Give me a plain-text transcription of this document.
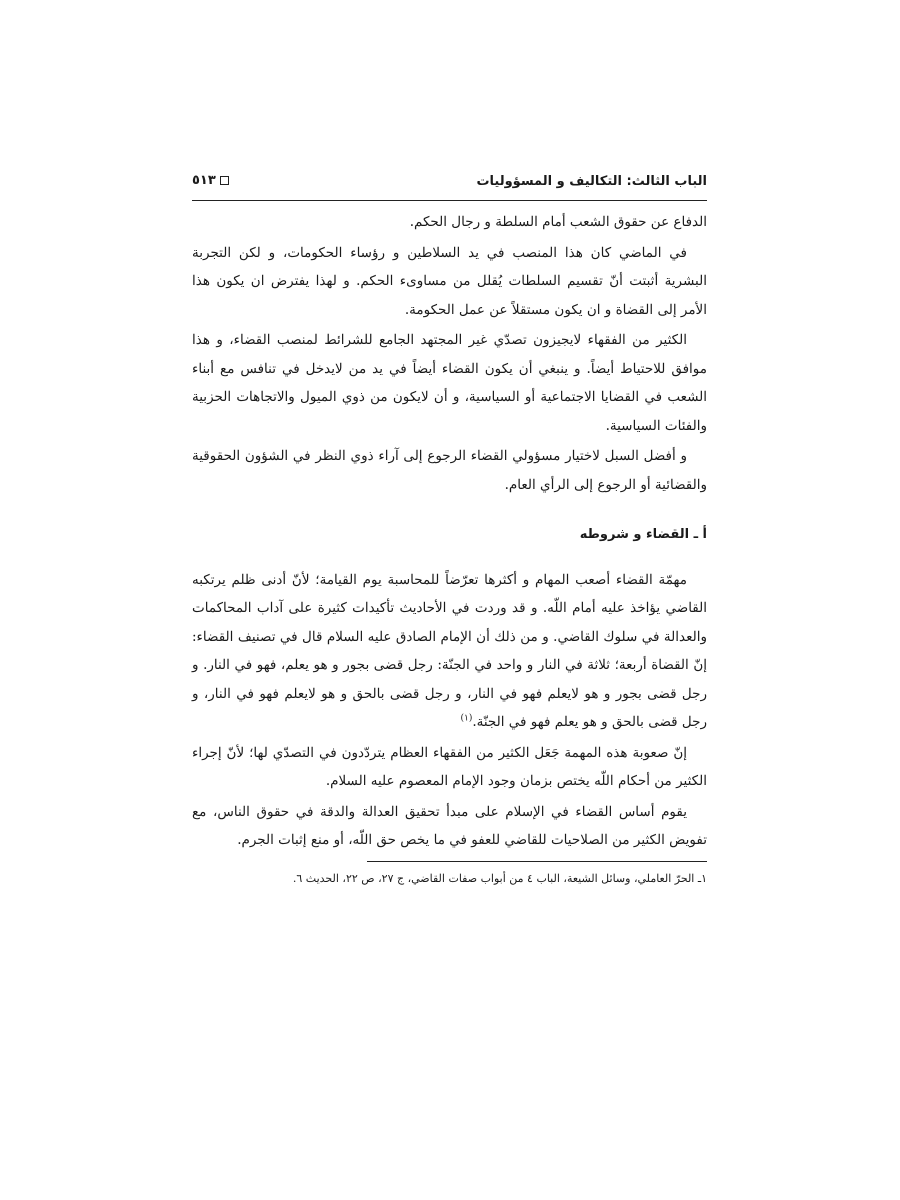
الباب الثالث: التكاليف و المسؤوليات
٥١٣

الدفاع عن حقوق الشعب أمام السلطة و رجال الحكم.

في الماضي كان هذا المنصب في يد السلاطين و رؤساء الحكومات، و لكن التجربة البشرية أثبتت أنّ تقسيم السلطات يُقلل من مساوىء الحكم. و لهذا يفترض ان يكون هذا الأمر إلى القضاة و ان يكون مستقلاً عن عمل الحكومة.

الكثير من الفقهاء لايجيزون تصدّي غير المجتهد الجامع للشرائط لمنصب القضاء، و هذا موافق للاحتياط أيضاً. و ينبغي أن يكون القضاء أيضاً في يد من لايدخل في تنافس مع أبناء الشعب في القضايا الاجتماعية أو السياسية، و أن لايكون من ذوي الميول والاتجاهات الحزبية والفئات السياسية.

و أفضل السبل لاختيار مسؤولي القضاء الرجوع إلى آراء ذوي النظر في الشؤون الحقوقية والقضائية أو الرجوع إلى الرأي العام.

أ ـ القضاء و شروطه

مهمّة القضاء أصعب المهام و أكثرها تعرّضاً للمحاسبة يوم القيامة؛ لأنّ أدنى ظلم يرتكبه القاضي يؤاخذ عليه أمام اللّه. و قد وردت في الأحاديث تأكيدات كثيرة على آداب المحاكمات والعدالة في سلوك القاضي. و من ذلك أن الإمام الصادق عليه السلام قال في تصنيف القضاء: إنّ القضاة أربعة؛ ثلاثة في النار و واحد في الجنّة: رجل قضى بجور و هو يعلم، فهو في النار. و رجل قضى بجور و هو لايعلم فهو في النار، و رجل قضى بالحق و هو لايعلم فهو في النار، و رجل قضى بالحق و هو يعلم فهو في الجنّة.$^{(١)}$

إنّ صعوبة هذه المهمة جَعَل الكثير من الفقهاء العظام يتردّدون في التصدّي لها؛ لأنّ إجراء الكثير من أحكام اللّه يختص بزمان وجود الإمام المعصوم عليه السلام.

يقوم أساس القضاء في الإسلام على مبدأ تحقيق العدالة والدقة في حقوق الناس، مع تفويض الكثير من الصلاحيات للقاضي للعفو في ما يخص حق اللّه، أو منع إثبات الجرم.

١ـ الحرّ العاملي، وسائل الشيعة، الباب ٤ من أبواب صفات القاضي، ج ٢٧، ص ٢٢، الحديث ٦.
